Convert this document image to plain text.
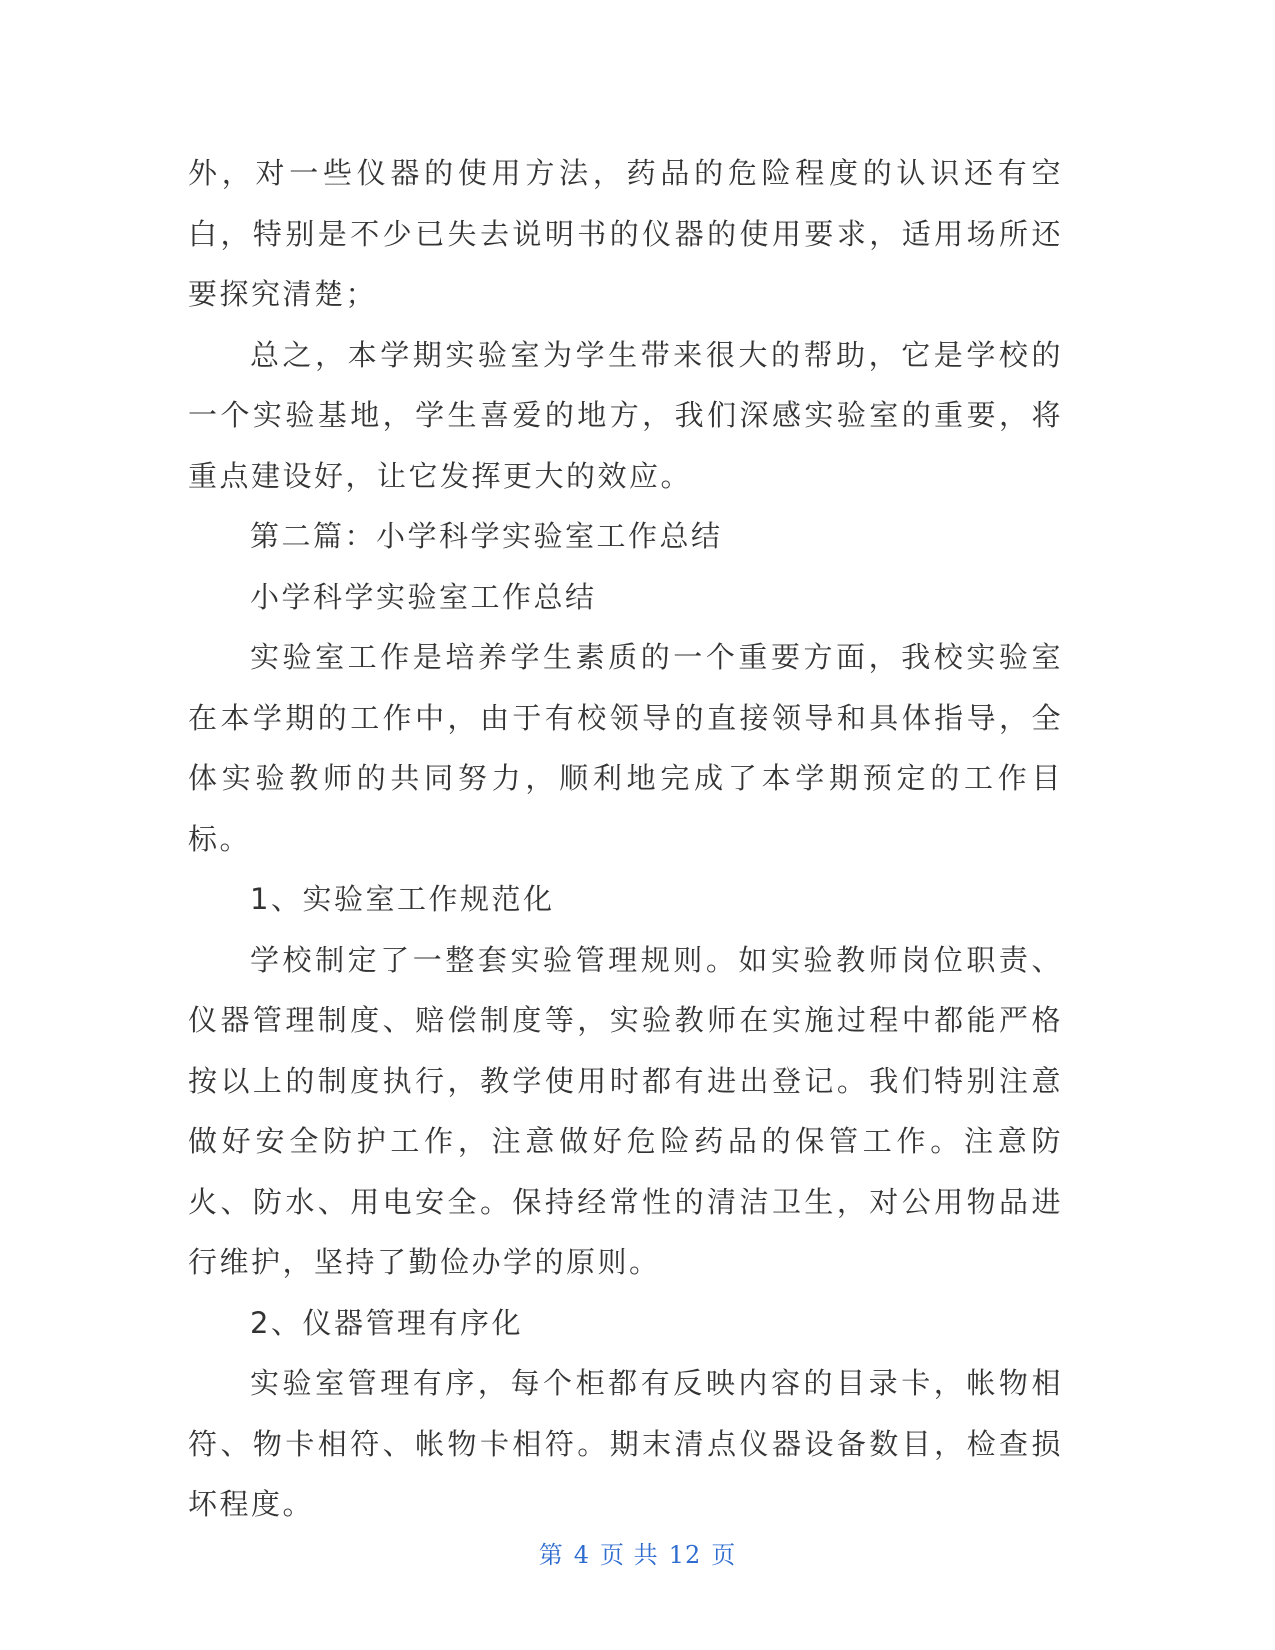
外，对一些仪器的使用方法，药品的危险程度的认识还有空白，特别是不少已失去说明书的仪器的使用要求，适用场所还要探究清楚；

总之，本学期实验室为学生带来很大的帮助，它是学校的一个实验基地，学生喜爱的地方，我们深感实验室的重要，将重点建设好，让它发挥更大的效应。

第二篇：小学科学实验室工作总结

小学科学实验室工作总结

实验室工作是培养学生素质的一个重要方面，我校实验室在本学期的工作中，由于有校领导的直接领导和具体指导，全体实验教师的共同努力，顺利地完成了本学期预定的工作目标。

1、实验室工作规范化

学校制定了一整套实验管理规则。如实验教师岗位职责、仪器管理制度、赔偿制度等，实验教师在实施过程中都能严格按以上的制度执行，教学使用时都有进出登记。我们特别注意做好安全防护工作，注意做好危险药品的保管工作。注意防火、防水、用电安全。保持经常性的清洁卫生，对公用物品进行维护，坚持了勤俭办学的原则。

2、仪器管理有序化

实验室管理有序，每个柜都有反映内容的目录卡，帐物相符、物卡相符、帐物卡相符。期末清点仪器设备数目，检查损坏程度。

第 4 页 共 12 页
